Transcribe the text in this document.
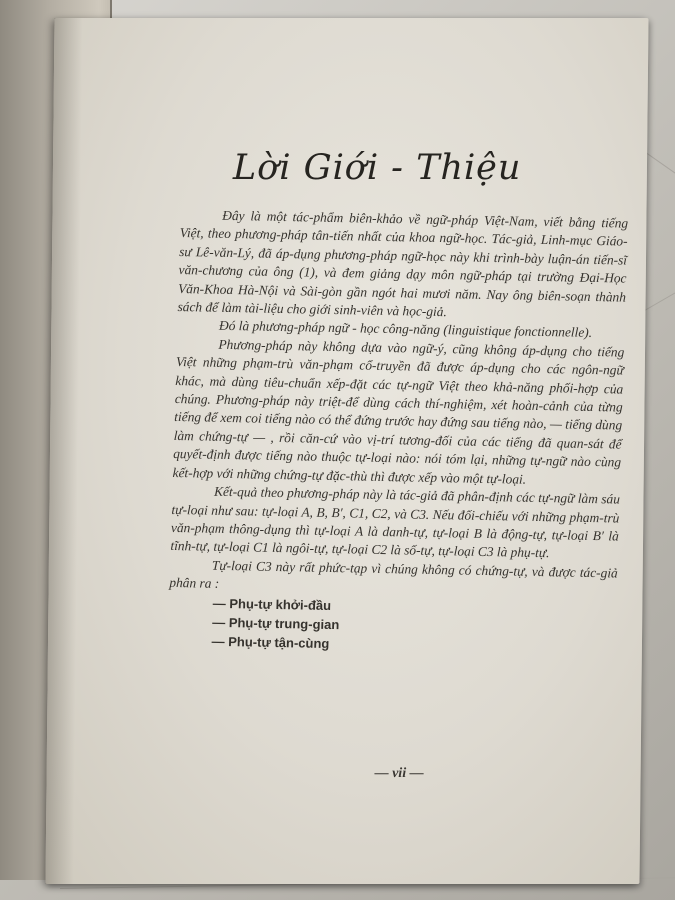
Lời Giới - Thiệu

Đây là một tác-phẩm biên-khảo về ngữ-pháp Việt-Nam, viết bằng tiếng Việt, theo phương-pháp tân-tiến nhất của khoa ngữ-học. Tác-giả, Linh-mục Giáo-sư Lê-văn-Lý, đã áp-dụng phương-pháp ngữ-học này khi trình-bày luận-án tiến-sĩ văn-chương của ông (1), và đem giảng dạy môn ngữ-pháp tại trường Đại-Học Văn-Khoa Hà-Nội và Sài-gòn gần ngót hai mươi năm. Nay ông biên-soạn thành sách để làm tài-liệu cho giới sinh-viên và học-giả.

Đó là phương-pháp ngữ - học công-năng (linguistique fonctionnelle).

Phương-pháp này không dựa vào ngữ-ý, cũng không áp-dụng cho tiếng Việt những phạm-trù văn-phạm cổ-truyền đã được áp-dụng cho các ngôn-ngữ khác, mà dùng tiêu-chuẩn xếp-đặt các tự-ngữ Việt theo khả-năng phối-hợp của chúng. Phương-pháp này triệt-để dùng cách thí-nghiệm, xét hoàn-cảnh của từng tiếng để xem coi tiếng nào có thể đứng trước hay đứng sau tiếng nào, — tiếng dùng làm chứng-tự — , rồi căn-cứ vào vị-trí tương-đối của các tiếng đã quan-sát để quyết-định được tiếng nào thuộc tự-loại nào: nói tóm lại, những tự-ngữ nào cùng kết-hợp với những chứng-tự đặc-thù thì được xếp vào một tự-loại.

Kết-quả theo phương-pháp này là tác-giả đã phân-định các tự-ngữ làm sáu tự-loại như sau: tự-loại A, B, B′, C1, C2, và C3. Nếu đối-chiếu với những phạm-trù văn-phạm thông-dụng thì tự-loại A là danh-tự, tự-loại B là động-tự, tự-loại B′ là tĩnh-tự, tự-loại C1 là ngôi-tự, tự-loại C2 là số-tự, tự-loại C3 là phụ-tự.

Tự-loại C3 này rất phức-tạp vì chúng không có chứng-tự, và được tác-giả phân ra :

— Phụ-tự khởi-đầu
— Phụ-tự trung-gian
— Phụ-tự tận-cùng
— vii —
